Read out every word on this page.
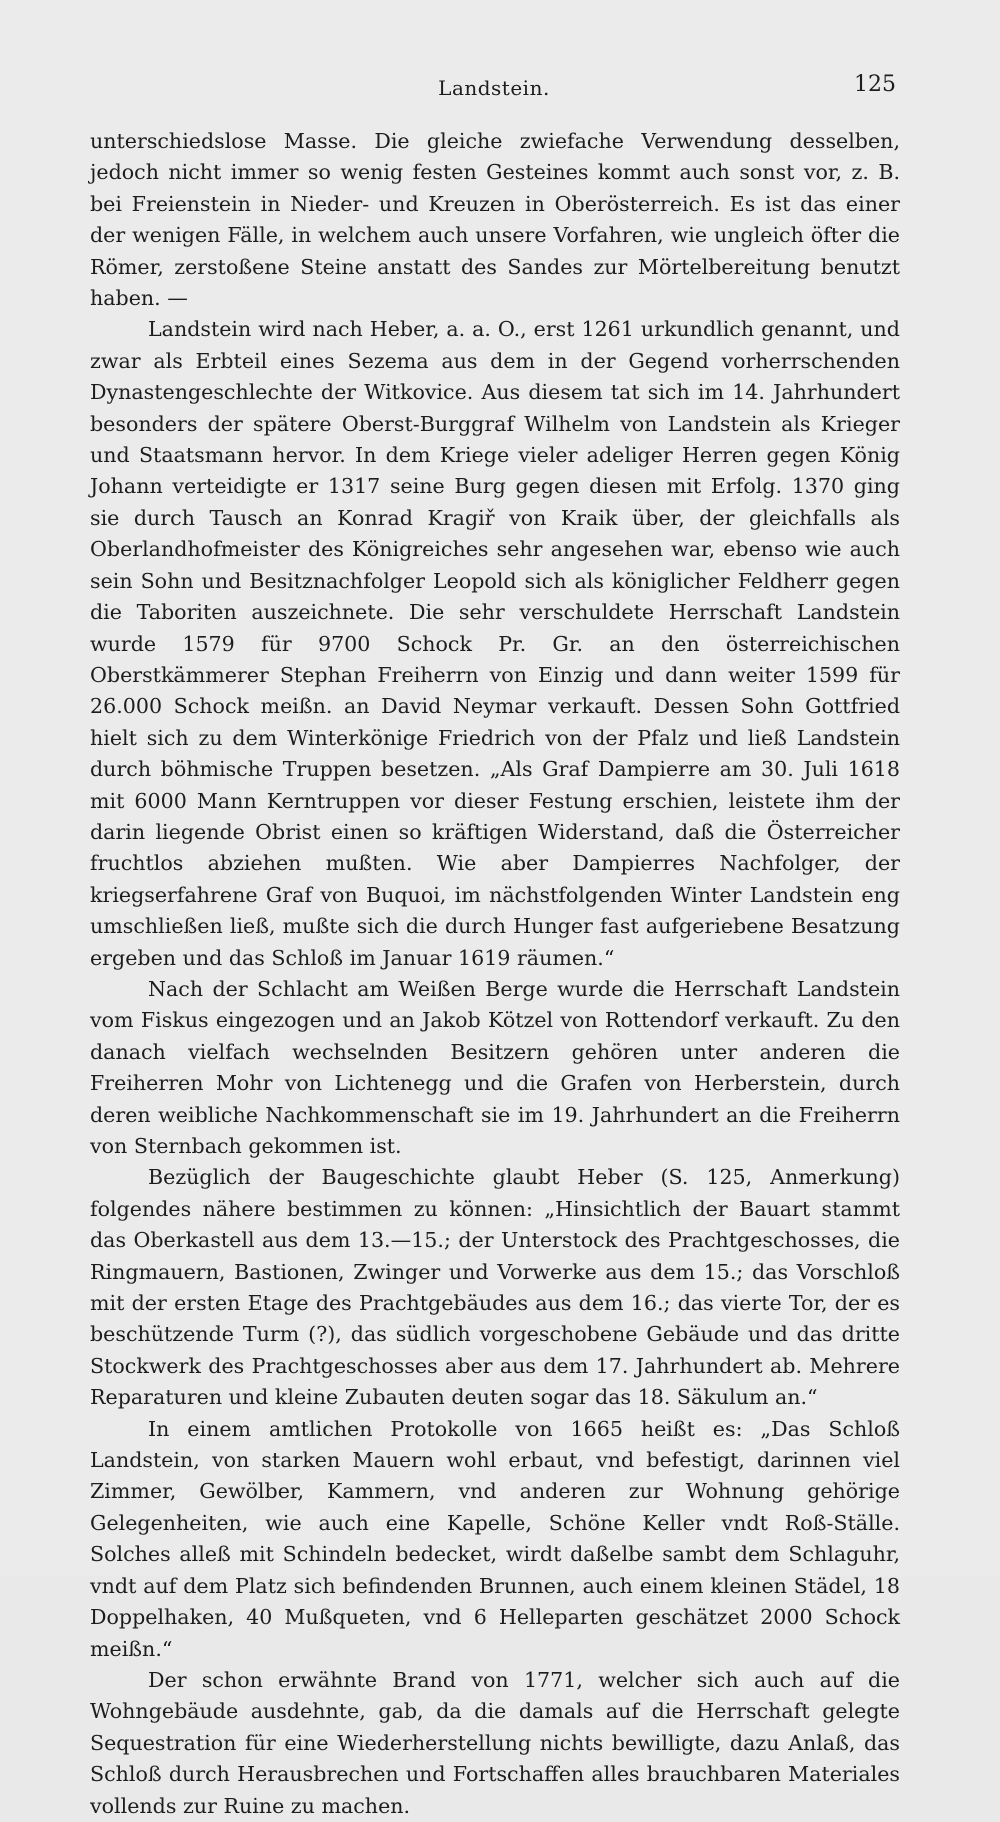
Landstein.	125

unterschiedslose Masse. Die gleiche zwiefache Verwendung desselben, jedoch nicht immer so wenig festen Gesteines kommt auch sonst vor, z. B. bei Freienstein in Nieder- und Kreuzen in Oberösterreich. Es ist das einer der wenigen Fälle, in welchem auch unsere Vorfahren, wie ungleich öfter die Römer, zerstoßene Steine anstatt des Sandes zur Mörtelbereitung benutzt haben. —

Landstein wird nach Heber, a. a. O., erst 1261 urkundlich genannt, und zwar als Erbteil eines Sezema aus dem in der Gegend vorherrschenden Dynastengeschlechte der Witkovice. Aus diesem tat sich im 14. Jahrhundert besonders der spätere Oberst-Burggraf Wilhelm von Landstein als Krieger und Staatsmann hervor. In dem Kriege vieler adeliger Herren gegen König Johann verteidigte er 1317 seine Burg gegen diesen mit Erfolg. 1370 ging sie durch Tausch an Konrad Kragiř von Kraik über, der gleichfalls als Oberlandhofmeister des Königreiches sehr angesehen war, ebenso wie auch sein Sohn und Besitznachfolger Leopold sich als königlicher Feldherr gegen die Taboriten auszeichnete. Die sehr verschuldete Herrschaft Landstein wurde 1579 für 9700 Schock Pr. Gr. an den österreichischen Oberstkämmerer Stephan Freiherrn von Einzig und dann weiter 1599 für 26.000 Schock meißn. an David Neymar verkauft. Dessen Sohn Gottfried hielt sich zu dem Winterkönige Friedrich von der Pfalz und ließ Landstein durch böhmische Truppen besetzen. „Als Graf Dampierre am 30. Juli 1618 mit 6000 Mann Kerntruppen vor dieser Festung erschien, leistete ihm der darin liegende Obrist einen so kräftigen Widerstand, daß die Österreicher fruchtlos abziehen mußten. Wie aber Dampierres Nachfolger, der kriegserfahrene Graf von Buquoi, im nächstfolgenden Winter Landstein eng umschließen ließ, mußte sich die durch Hunger fast aufgeriebene Besatzung ergeben und das Schloß im Januar 1619 räumen.“

Nach der Schlacht am Weißen Berge wurde die Herrschaft Landstein vom Fiskus eingezogen und an Jakob Kötzel von Rottendorf verkauft. Zu den danach vielfach wechselnden Besitzern gehören unter anderen die Freiherren Mohr von Lichtenegg und die Grafen von Herberstein, durch deren weibliche Nachkommenschaft sie im 19. Jahrhundert an die Freiherrn von Sternbach gekommen ist.

Bezüglich der Baugeschichte glaubt Heber (S. 125, Anmerkung) folgendes nähere bestimmen zu können: „Hinsichtlich der Bauart stammt das Oberkastell aus dem 13.—15.; der Unterstock des Prachtgeschosses, die Ringmauern, Bastionen, Zwinger und Vorwerke aus dem 15.; das Vorschloß mit der ersten Etage des Prachtgebäudes aus dem 16.; das vierte Tor, der es beschützende Turm (?), das südlich vorgeschobene Gebäude und das dritte Stockwerk des Prachtgeschosses aber aus dem 17. Jahrhundert ab. Mehrere Reparaturen und kleine Zubauten deuten sogar das 18. Säkulum an.“

In einem amtlichen Protokolle von 1665 heißt es: „Das Schloß Landstein, von starken Mauern wohl erbaut, vnd befestigt, darinnen viel Zimmer, Gewölber, Kammern, vnd anderen zur Wohnung gehörige Gelegenheiten, wie auch eine Kapelle, Schöne Keller vndt Roß-Ställe. Solches alleß mit Schindeln bedecket, wirdt daßelbe sambt dem Schlaguhr, vndt auf dem Platz sich befindenden Brunnen, auch einem kleinen Städel, 18 Doppelhaken, 40 Mußqueten, vnd 6 Helleparten geschätzet 2000 Schock meißn.“

Der schon erwähnte Brand von 1771, welcher sich auch auf die Wohngebäude ausdehnte, gab, da die damals auf die Herrschaft gelegte Sequestration für eine Wiederherstellung nichts bewilligte, dazu Anlaß, das Schloß durch Herausbrechen und Fortschaffen alles brauchbaren Materiales vollends zur Ruine zu machen.
